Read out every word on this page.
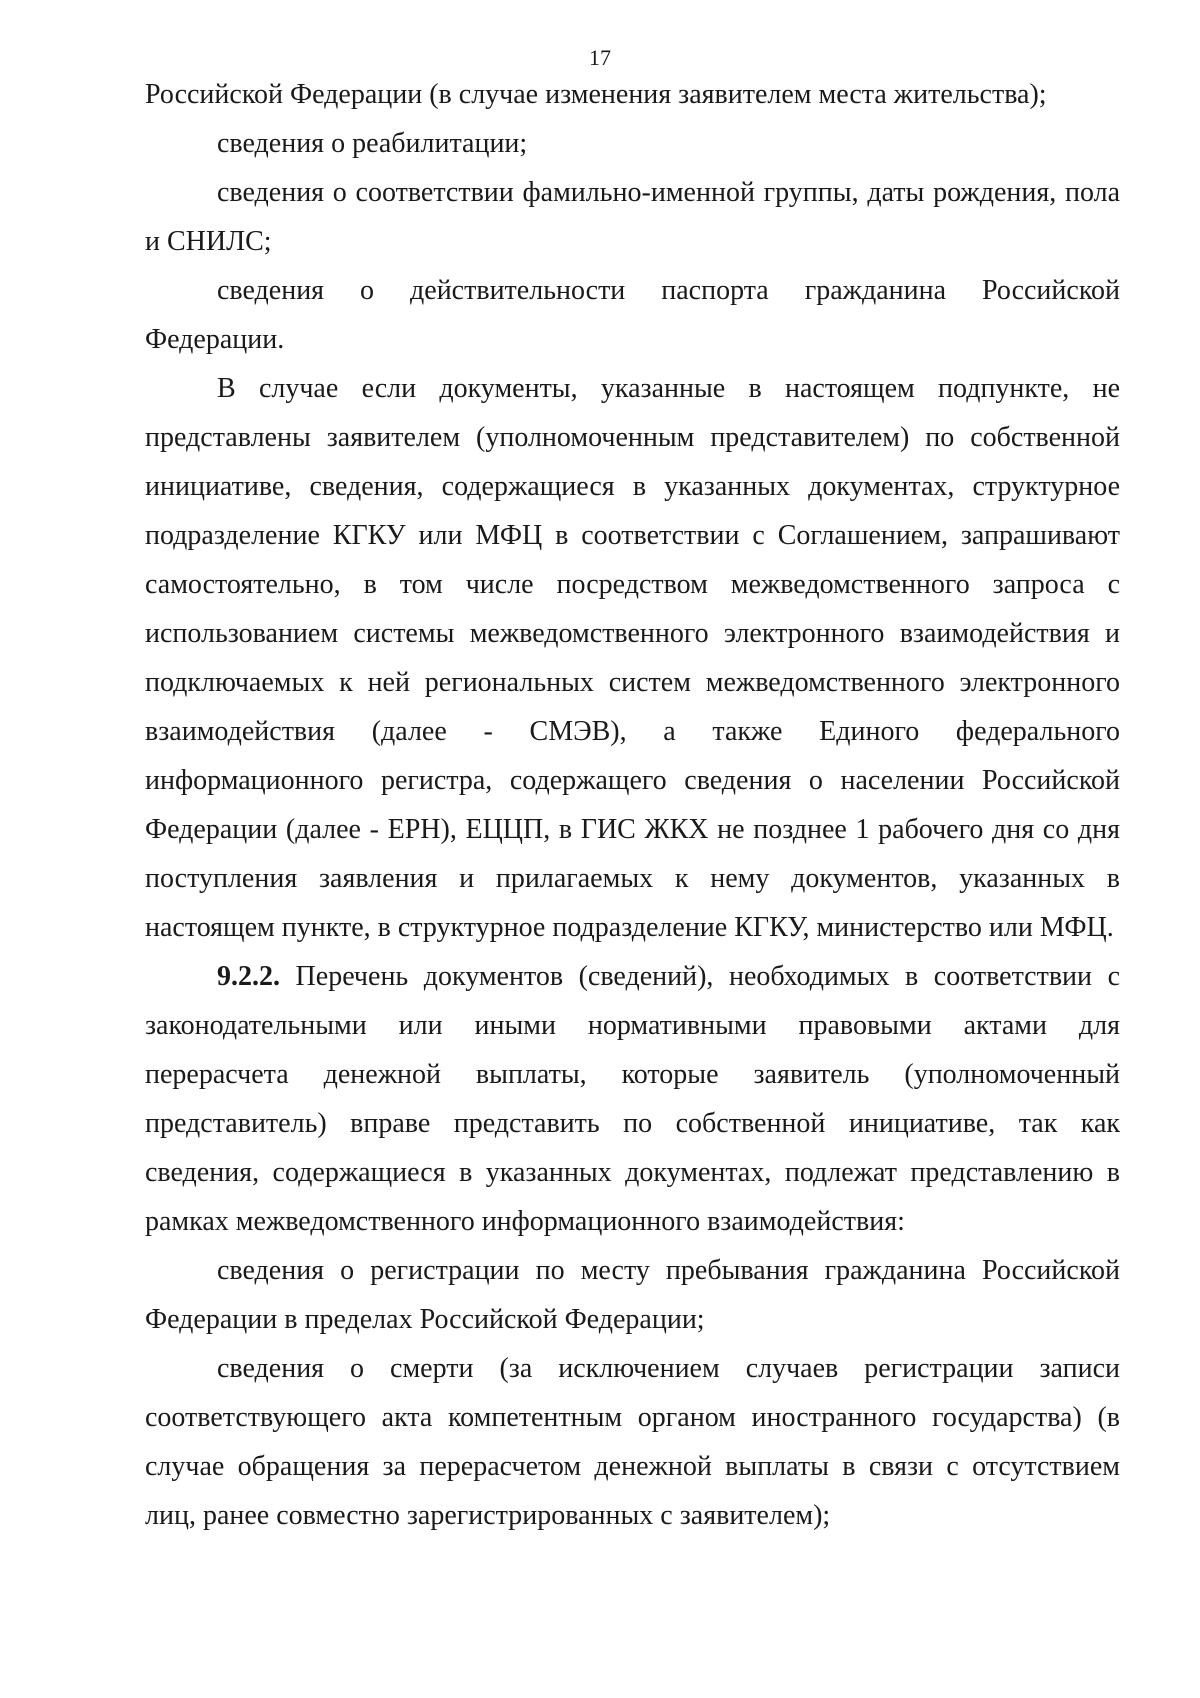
17

Российской Федерации (в случае изменения заявителем места жительства);

сведения о реабилитации;

сведения о соответствии фамильно-именной группы, даты рождения, пола и СНИЛС;

сведения о действительности паспорта гражданина Российской Федерации.

В случае если документы, указанные в настоящем подпункте, не представлены заявителем (уполномоченным представителем) по собственной инициативе, сведения, содержащиеся в указанных документах, структурное подразделение КГКУ или МФЦ в соответствии с Соглашением, запрашивают самостоятельно, в том числе посредством межведомственного запроса с использованием системы межведомственного электронного взаимодействия и подключаемых к ней региональных систем межведомственного электронного взаимодействия (далее - СМЭВ), а также Единого федерального информационного регистра, содержащего сведения о населении Российской Федерации (далее - ЕРН), ЕЦЦП, в ГИС ЖКХ не позднее 1 рабочего дня со дня поступления заявления и прилагаемых к нему документов, указанных в настоящем пункте, в структурное подразделение КГКУ, министерство или МФЦ.

9.2.2. Перечень документов (сведений), необходимых в соответствии с законодательными или иными нормативными правовыми актами для перерасчета денежной выплаты, которые заявитель (уполномоченный представитель) вправе представить по собственной инициативе, так как сведения, содержащиеся в указанных документах, подлежат представлению в рамках межведомственного информационного взаимодействия:

сведения о регистрации по месту пребывания гражданина Российской Федерации в пределах Российской Федерации;

сведения о смерти (за исключением случаев регистрации записи соответствующего акта компетентным органом иностранного государства) (в случае обращения за перерасчетом денежной выплаты в связи с отсутствием лиц, ранее совместно зарегистрированных с заявителем);
